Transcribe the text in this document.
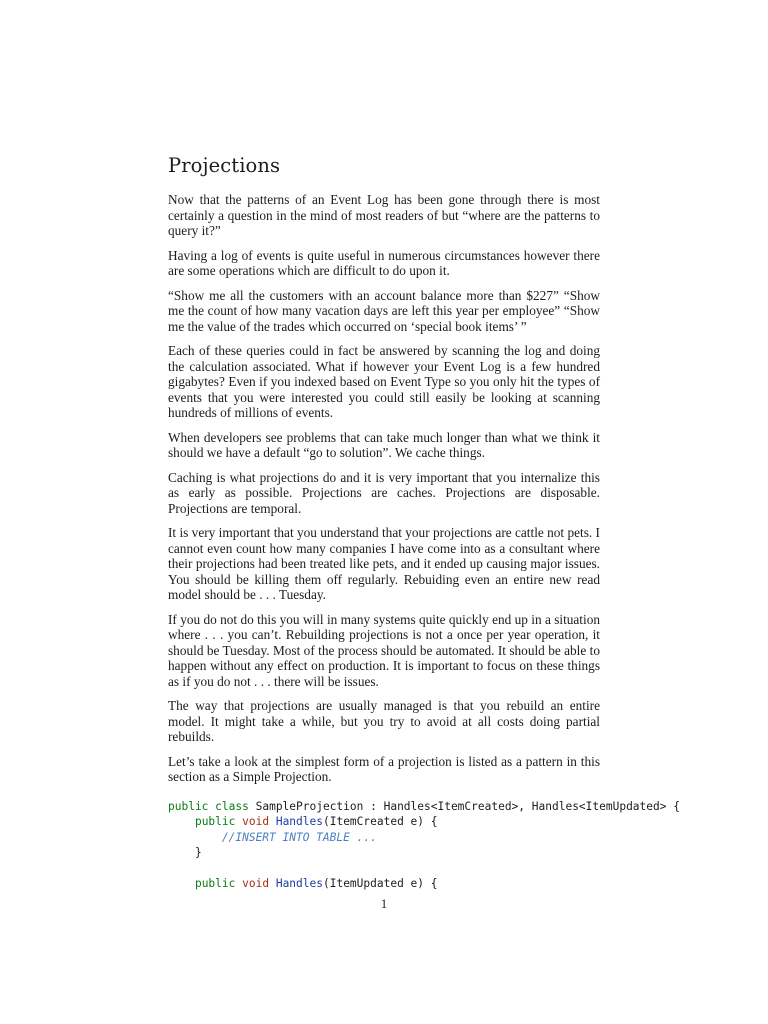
Projections

Now that the patterns of an Event Log has been gone through there is most certainly a question in the mind of most readers of but “where are the patterns to query it?”

Having a log of events is quite useful in numerous circumstances however there are some operations which are difficult to do upon it.

“Show me all the customers with an account balance more than $227” “Show me the count of how many vacation days are left this year per employee” “Show me the value of the trades which occurred on ‘special book items’ ”

Each of these queries could in fact be answered by scanning the log and doing the calculation associated. What if however your Event Log is a few hundred gigabytes? Even if you indexed based on Event Type so you only hit the types of events that you were interested you could still easily be looking at scanning hundreds of millions of events.

When developers see problems that can take much longer than what we think it should we have a default “go to solution”. We cache things.

Caching is what projections do and it is very important that you internalize this as early as possible. Projections are caches. Projections are disposable. Projections are temporal.

It is very important that you understand that your projections are cattle not pets. I cannot even count how many companies I have come into as a consultant where their projections had been treated like pets, and it ended up causing major issues. You should be killing them off regularly. Rebuiding even an entire new read model should be . . . Tuesday.

If you do not do this you will in many systems quite quickly end up in a situation where . . . you can’t. Rebuilding projections is not a once per year operation, it should be Tuesday. Most of the process should be automated. It should be able to happen without any effect on production. It is important to focus on these things as if you do not . . . there will be issues.

The way that projections are usually managed is that you rebuild an entire model. It might take a while, but you try to avoid at all costs doing partial rebuilds.

Let’s take a look at the simplest form of a projection is listed as a pattern in this section as a Simple Projection.

public class SampleProjection : Handles<ItemCreated>, Handles<ItemUpdated> {
public void Handles(ItemCreated e) {
//INSERT INTO TABLE ...
}

public void Handles(ItemUpdated e) {
1
